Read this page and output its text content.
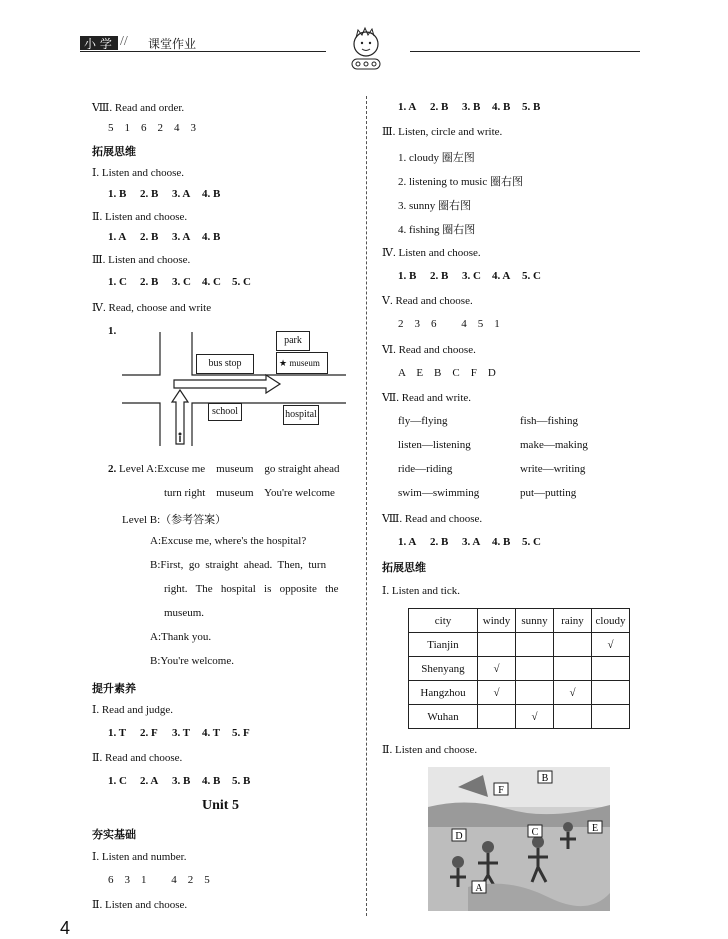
小 学 // 课堂作业
Ⅷ. Read and order.
5    1    6    2    4    3
拓展思维
Ⅰ. Listen and choose.
1. B 2. B 3. A 4. B
Ⅱ. Listen and choose.
1. A 2. B 3. A 4. B
Ⅲ. Listen and choose.
1. C 2. B 3. C 4. C 5. C
Ⅳ. Read, choose and write
1.
park
bus stop	★ museum
school	hospital
2. Level A:Excuse me    museum    go straight ahead
turn right    museum    You're welcome
Level B:（参考答案）
A:Excuse me, where's the hospital?
B:First,  go  straight  ahead.  Then,  turn
right.   The   hospital   is   opposite   the
museum.
A:Thank you.
B:You're welcome.
提升素养
Ⅰ. Read and judge.
1. T 2. F 3. T 4. T 5. F
Ⅱ. Read and choose.
1. C 2. A 3. B 4. B 5. B
Unit 5
夯实基础
Ⅰ. Listen and number.
6    3    1         4    2    5
Ⅱ. Listen and choose.
4
1. A 2. B 3. B 4. B 5. B
Ⅲ. Listen, circle and write.
1. cloudy 圈左图
2. listening to music 圈右图
3. sunny 圈右图
4. fishing 圈右图
Ⅳ. Listen and choose.
1. B 2. B 3. C 4. A 5. C
Ⅴ. Read and choose.
2    3    6         4    5    1
Ⅵ. Read and choose.
A    E    B    C    F    D
Ⅶ. Read and write.
fly—flying	fish—fishing
listen—listening	make—making
ride—riding	write—writing
swim—swimming	put—putting
Ⅷ. Read and choose.
1. A 2. B 3. A 4. B 5. C
拓展思维
Ⅰ. Listen and tick.
city	windy	sunny	rainy	cloudy
Tianjin				√
Shenyang	√			
Hangzhou	√		√	
Wuhan		√		
Ⅱ. Listen and choose.
A
B
C
D
E
F
